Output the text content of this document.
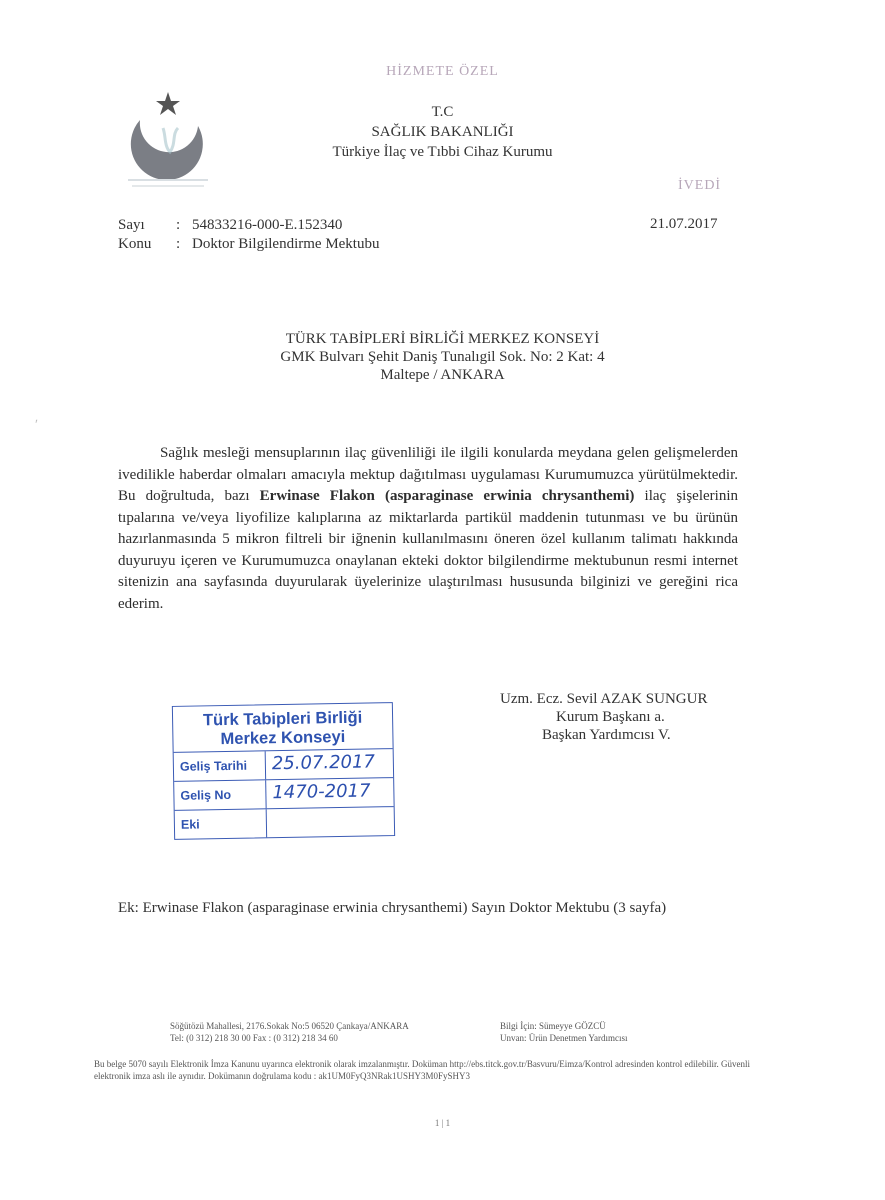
HİZMETE ÖZEL
T.C
SAĞLIK BAKANLIĞI
Türkiye İlaç ve Tıbbi Cihaz Kurumu
İVEDİ
Sayı	: 54833216-000-E.152340
Konu	: Doktor Bilgilendirme Mektubu
21.07.2017
ʹ
TÜRK TABİPLERİ BİRLİĞİ MERKEZ KONSEYİ
GMK Bulvarı Şehit Daniş Tunalıgil Sok. No: 2 Kat: 4
Maltepe / ANKARA
Sağlık mesleği mensuplarının ilaç güvenliliği ile ilgili konularda meydana gelen gelişmelerden ivedilikle haberdar olmaları amacıyla mektup dağıtılması uygulaması Kurumumuzca yürütülmektedir. Bu doğrultuda, bazı Erwinase Flakon (asparaginase erwinia chrysanthemi) ilaç şişelerinin tıpalarına ve/veya liyofilize kalıplarına az miktarlarda partikül maddenin tutunması ve bu ürünün hazırlanmasında 5 mikron filtreli bir iğnenin kullanılmasını öneren özel kullanım talimatı hakkında duyuruyu içeren ve Kurumumuzca onaylanan ekteki doktor bilgilendirme mektubunun resmi internet sitenizin ana sayfasında duyurularak üyelerinize ulaştırılması hususunda bilginizi ve gereğini rica ederim.
Uzm. Ecz. Sevil AZAK SUNGUR
Kurum Başkanı a.
Başkan Yardımcısı V.
Türk Tabipleri Birliği Merkez Konseyi
Geliş Tarihi	25.07.2017
Geliş No	1470-2017
Eki
Ek: Erwinase Flakon (asparaginase erwinia chrysanthemi) Sayın Doktor Mektubu (3 sayfa)
Söğütözü Mahallesi, 2176.Sokak No:5 06520 Çankaya/ANKARA
Tel: (0 312) 218 30 00 Fax : (0 312) 218 34 60
Bilgi İçin: Sümeyye GÖZCÜ
Unvan: Ürün Denetmen Yardımcısı
Bu belge 5070 sayılı Elektronik İmza Kanunu uyarınca elektronik olarak imzalanmıştır. Doküman http://ebs.titck.gov.tr/Basvuru/Eimza/Kontrol adresinden kontrol edilebilir. Güvenli elektronik imza aslı ile aynıdır. Dokümanın doğrulama kodu : ak1UM0FyQ3NRak1USHY3M0FySHY3
1 | 1
